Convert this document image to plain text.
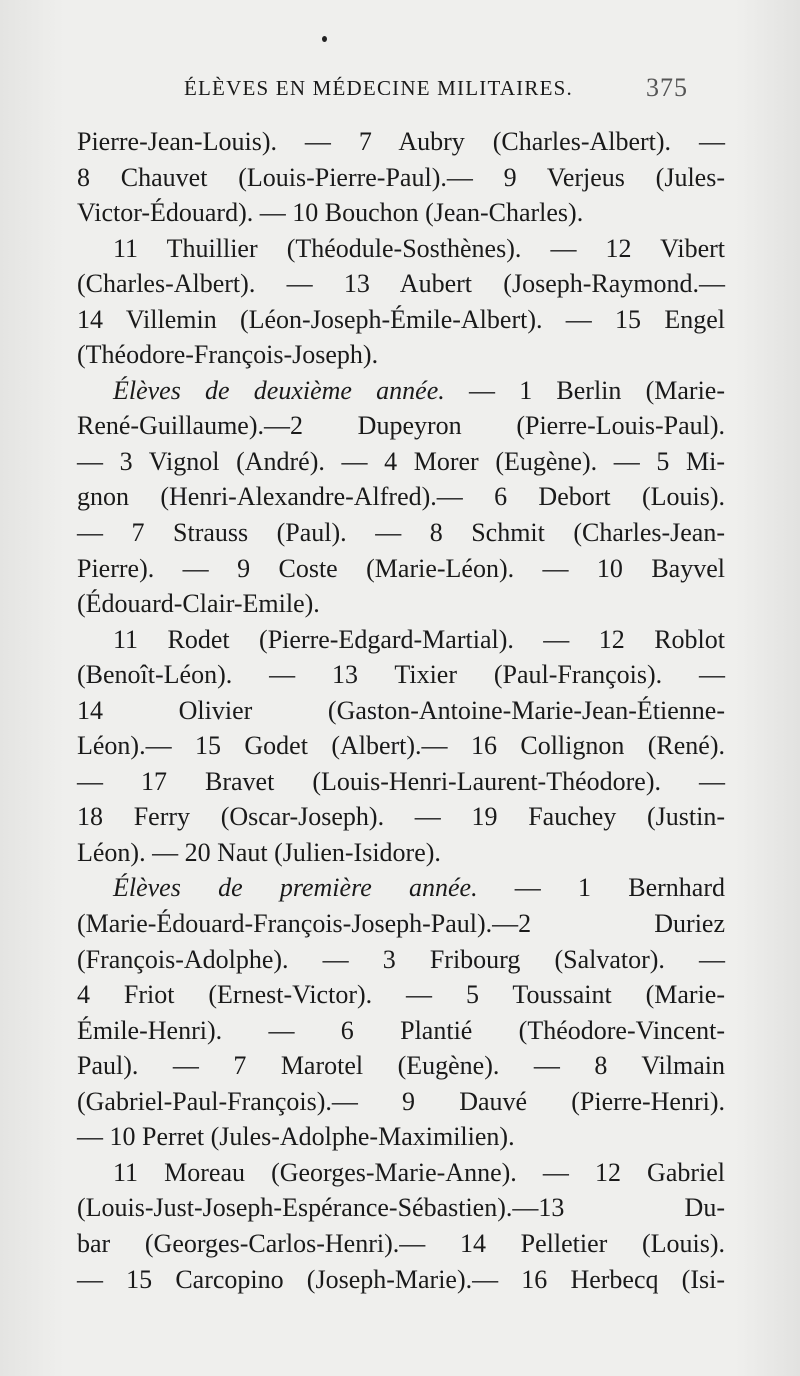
ÉLÈVES EN MÉDECINE MILITAIRES.	375
Pierre-Jean-Louis). — 7 Aubry (Charles-Albert). —
8 Chauvet (Louis-Pierre-Paul).— 9 Verjeus (Jules-
Victor-Édouard). — 10 Bouchon (Jean-Charles).
11 Thuillier (Théodule-Sosthènes). — 12 Vibert
(Charles-Albert). — 13 Aubert (Joseph-Raymond.—
14 Villemin (Léon-Joseph-Émile-Albert). — 15 Engel
(Théodore-François-Joseph).
Élèves de deuxième année. — 1 Berlin (Marie-
René-Guillaume).—2 Dupeyron (Pierre-Louis-Paul).
— 3 Vignol (André). — 4 Morer (Eugène). — 5 Mi-
gnon (Henri-Alexandre-Alfred).— 6 Debort (Louis).
— 7 Strauss (Paul). — 8 Schmit (Charles-Jean-
Pierre). — 9 Coste (Marie-Léon). — 10 Bayvel
(Édouard-Clair-Emile).
11 Rodet (Pierre-Edgard-Martial). — 12 Roblot
(Benoît-Léon). — 13 Tixier (Paul-François). —
14 Olivier (Gaston-Antoine-Marie-Jean-Étienne-
Léon).— 15 Godet (Albert).— 16 Collignon (René).
— 17 Bravet (Louis-Henri-Laurent-Théodore). —
18 Ferry (Oscar-Joseph). — 19 Fauchey (Justin-
Léon). — 20 Naut (Julien-Isidore).
Élèves de première année. — 1 Bernhard
(Marie-Édouard-François-Joseph-Paul).—2 Duriez
(François-Adolphe). — 3 Fribourg (Salvator). —
4 Friot (Ernest-Victor). — 5 Toussaint (Marie-
Émile-Henri). — 6 Plantié (Théodore-Vincent-
Paul). — 7 Marotel (Eugène). — 8 Vilmain
(Gabriel-Paul-François).— 9 Dauvé (Pierre-Henri).
— 10 Perret (Jules-Adolphe-Maximilien).
11 Moreau (Georges-Marie-Anne). — 12 Gabriel
(Louis-Just-Joseph-Espérance-Sébastien).—13 Du-
bar (Georges-Carlos-Henri).— 14 Pelletier (Louis).
— 15 Carcopino (Joseph-Marie).— 16 Herbecq (Isi-
